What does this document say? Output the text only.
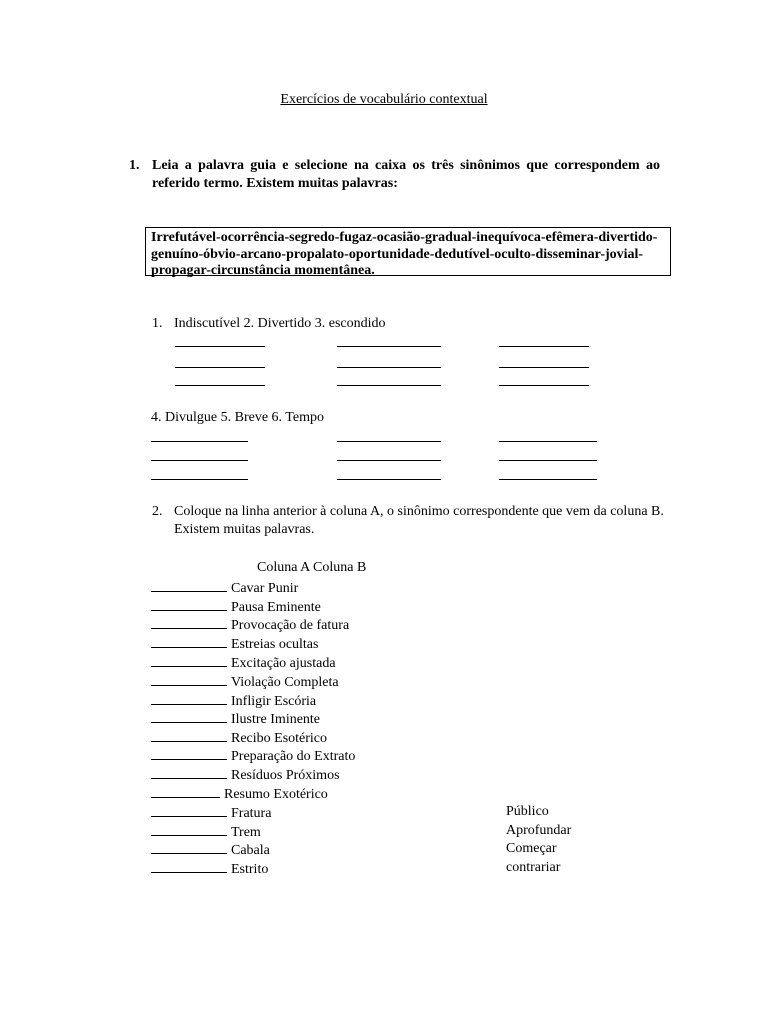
Exercícios de vocabulário contextual
1. Leia a palavra guia e selecione na caixa os três sinônimos que correspondem ao referido termo. Existem muitas palavras:
Irrefutável-ocorrência-segredo-fugaz-ocasião-gradual-inequívoca-efêmera-divertido-
genuíno-óbvio-arcano-propalato-oportunidade-dedutível-oculto-disseminar-jovial-
propagar-circunstância momentânea.
1. Indiscutível 2. Divertido 3. escondido
4. Divulgue 5. Breve 6. Tempo
2. Coloque na linha anterior à coluna A, o sinônimo correspondente que vem da coluna B.
Existem muitas palavras.
Coluna A Coluna B
Cavar Punir
Pausa Eminente
Provocação de fatura
Estreias ocultas
Excitação ajustada
Violação Completa
Infligir Escória
Ilustre Iminente
Recibo Esotérico
Preparação do Extrato
Resíduos Próximos
Resumo Exotérico
Fratura
Trem
Cabala
Estrito
Público
Aprofundar
Começar
contrariar
